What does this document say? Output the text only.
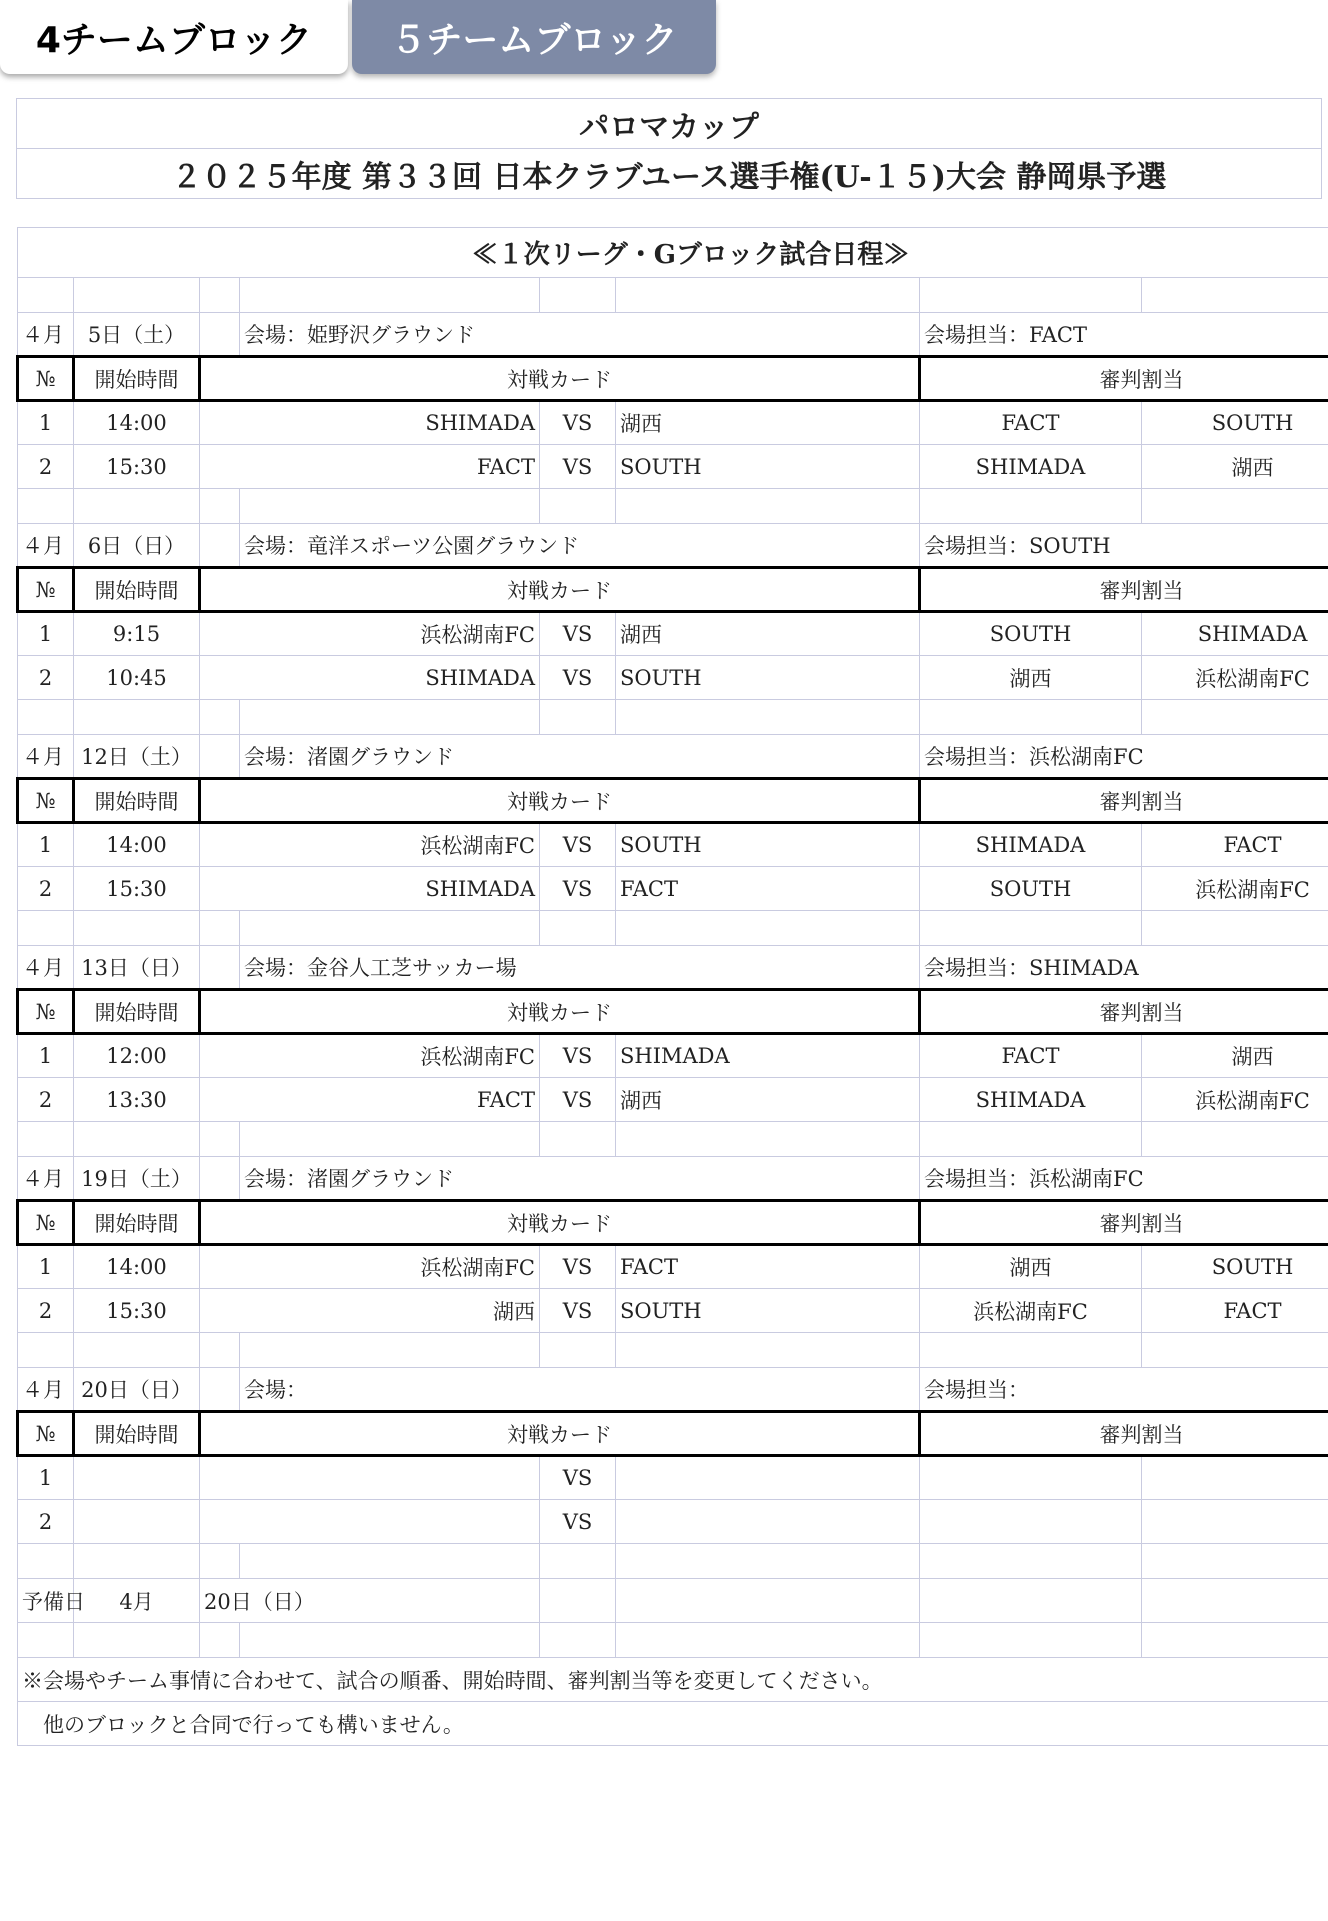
4チームブロック	５チームブロック
パロマカップ
２０２５年度 第３３回 日本クラブユース選手権(U-１５)大会 静岡県予選
≪１次リーグ・Gブロック試合日程≫							

４月	5日（土）		会場：姫野沢グラウンド			会場担当：FACT	
№	開始時間	対戦カード				審判割当	
1	14:00	SHIMADA		VS	湖西	FACT	SOUTH
2	15:30	FACT		VS	SOUTH	SHIMADA	湖西

４月	6日（日）		会場：竜洋スポーツ公園グラウンド			会場担当：SOUTH	
№	開始時間	対戦カード				審判割当	
1	9:15	浜松湖南FC		VS	湖西	SOUTH	SHIMADA
2	10:45	SHIMADA		VS	SOUTH	湖西	浜松湖南FC

４月	12日（土）		会場：渚園グラウンド			会場担当：浜松湖南FC	
№	開始時間	対戦カード				審判割当	
1	14:00	浜松湖南FC		VS	SOUTH	SHIMADA	FACT
2	15:30	SHIMADA		VS	FACT	SOUTH	浜松湖南FC

４月	13日（日）		会場：金谷人工芝サッカー場			会場担当：SHIMADA	
№	開始時間	対戦カード				審判割当	
1	12:00	浜松湖南FC		VS	SHIMADA	FACT	湖西
2	13:30	FACT		VS	湖西	SHIMADA	浜松湖南FC

４月	19日（土）		会場：渚園グラウンド			会場担当：浜松湖南FC	
№	開始時間	対戦カード				審判割当	
1	14:00	浜松湖南FC		VS	FACT	湖西	SOUTH
2	15:30	湖西		VS	SOUTH	浜松湖南FC	FACT

４月	20日（日）		会場：			会場担当：	
№	開始時間	対戦カード				審判割当	
1				VS			
2				VS			

予備日	4月	20日（日）					

※会場やチーム事情に合わせて、試合の順番、開始時間、審判割当等を変更してください。							
　他のブロックと合同で行っても構いません。							
